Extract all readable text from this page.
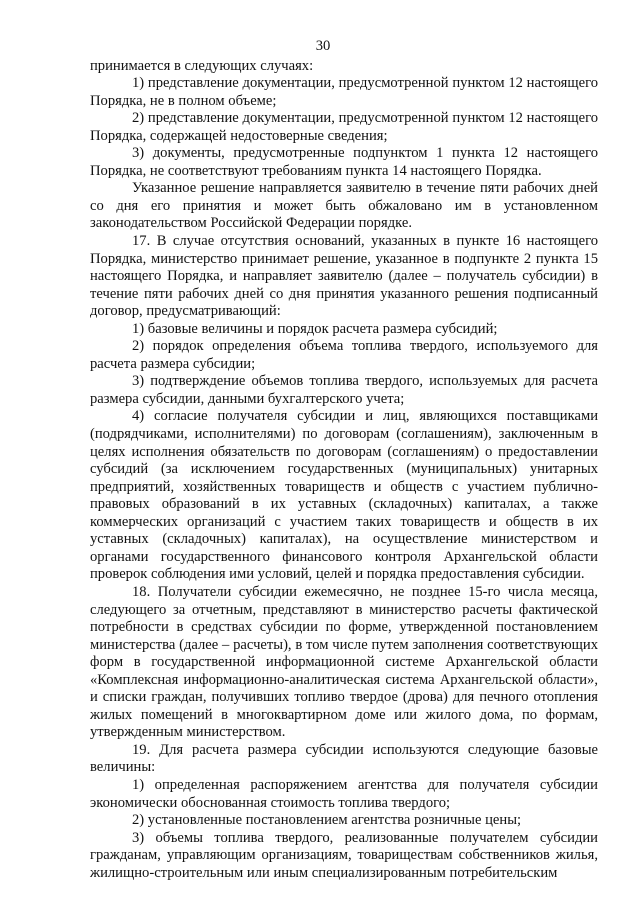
30

принимается в следующих случаях:

1) представление документации, предусмотренной пунктом 12 настоящего Порядка, не в полном объеме;

2) представление документации, предусмотренной пунктом 12 настоящего Порядка, содержащей недостоверные сведения;

3) документы, предусмотренные подпунктом 1 пункта 12 настоящего Порядка, не соответствуют требованиям пункта 14 настоящего Порядка.

Указанное решение направляется заявителю в течение пяти рабочих дней со дня его принятия и может быть обжаловано им в установленном законодательством Российской Федерации порядке.

17. В случае отсутствия оснований, указанных в пункте 16 настоящего Порядка, министерство принимает решение, указанное в подпункте 2 пункта 15 настоящего Порядка, и направляет заявителю (далее – получатель субсидии) в течение пяти рабочих дней со дня принятия указанного решения подписанный договор, предусматривающий:

1) базовые величины и порядок расчета размера субсидий;

2) порядок определения объема топлива твердого, используемого для расчета размера субсидии;

3) подтверждение объемов топлива твердого, используемых для расчета размера субсидии, данными бухгалтерского учета;

4) согласие получателя субсидии и лиц, являющихся поставщиками (подрядчиками, исполнителями) по договорам (соглашениям), заключенным в целях исполнения обязательств по договорам (соглашениям) о предоставлении субсидий (за исключением государственных (муниципальных) унитарных предприятий, хозяйственных товариществ и обществ с участием публично-правовых образований в их уставных (складочных) капиталах, а также коммерческих организаций с участием таких товариществ и обществ в их уставных (складочных) капиталах), на осуществление министерством и органами государственного финансового контроля Архангельской области проверок соблюдения ими условий, целей и порядка предоставления субсидии.

18. Получатели субсидии ежемесячно, не позднее 15-го числа месяца, следующего за отчетным, представляют в министерство расчеты фактической потребности в средствах субсидии по форме, утвержденной постановлением министерства (далее – расчеты), в том числе путем заполнения соответствующих форм в государственной информационной системе Архангельской области «Комплексная информационно-аналитическая система Архангельской области», и списки граждан, получивших топливо твердое (дрова) для печного отопления жилых помещений в многоквартирном доме или жилого дома, по формам, утвержденным министерством.

19. Для расчета размера субсидии используются следующие базовые величины:

1) определенная распоряжением агентства для получателя субсидии экономически обоснованная стоимость топлива твердого;

2) установленные постановлением агентства розничные цены;

3) объемы топлива твердого, реализованные получателем субсидии гражданам, управляющим организациям, товариществам собственников жилья, жилищно-строительным или иным специализированным потребительским
